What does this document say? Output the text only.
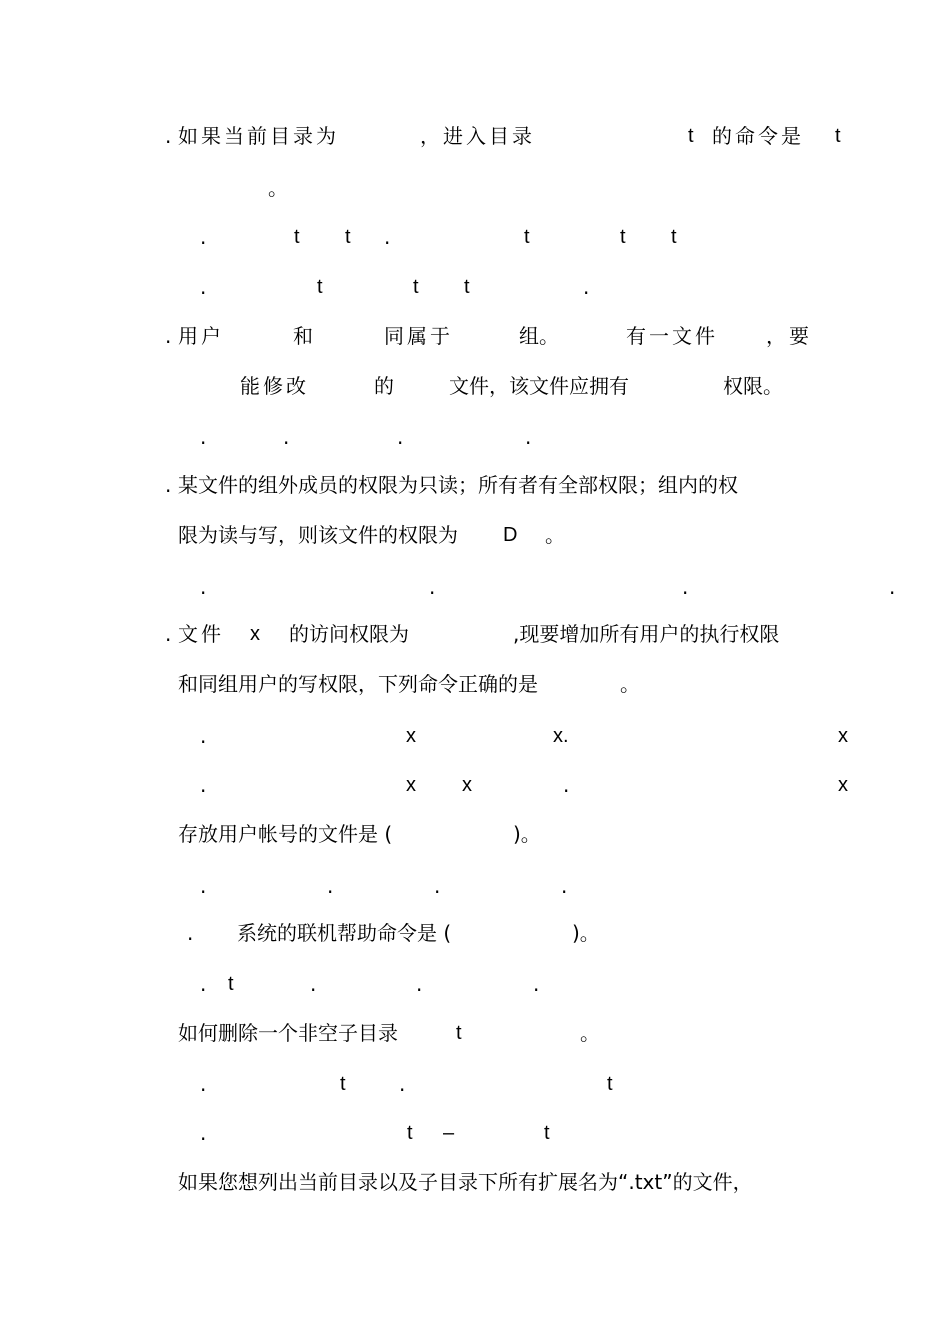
. 如果当前目录为	，进入目录	t 的命令是 t
。
.	t t .	t	t t
.	t	t t	.
. 用户	和	同属于	组。	有一文件 ，要
能修改	的	文件，该文件应拥有	权限。
.	.	.	.
. 某文件的组外成员的权限为只读；所有者有全部权限；组内的权
限为读与写，则该文件的权限为 D 。
.	.	.	.
. 文件 x 的访问权限为	,现要增加所有用户的执行权限
和同组用户的写权限，下列命令正确的是	。
.	x	x.	x
.	x x	.	x
存放用户帐号的文件是 (	)。
.	.	.	.
. 系统的联机帮助命令是 (	)。
. t	.	.	.
如何删除一个非空子目录	t	。
.	t	.	t
.	t –	t
如果您想列出当前目录以及子目录下所有扩展名为“.txt”的文件，
